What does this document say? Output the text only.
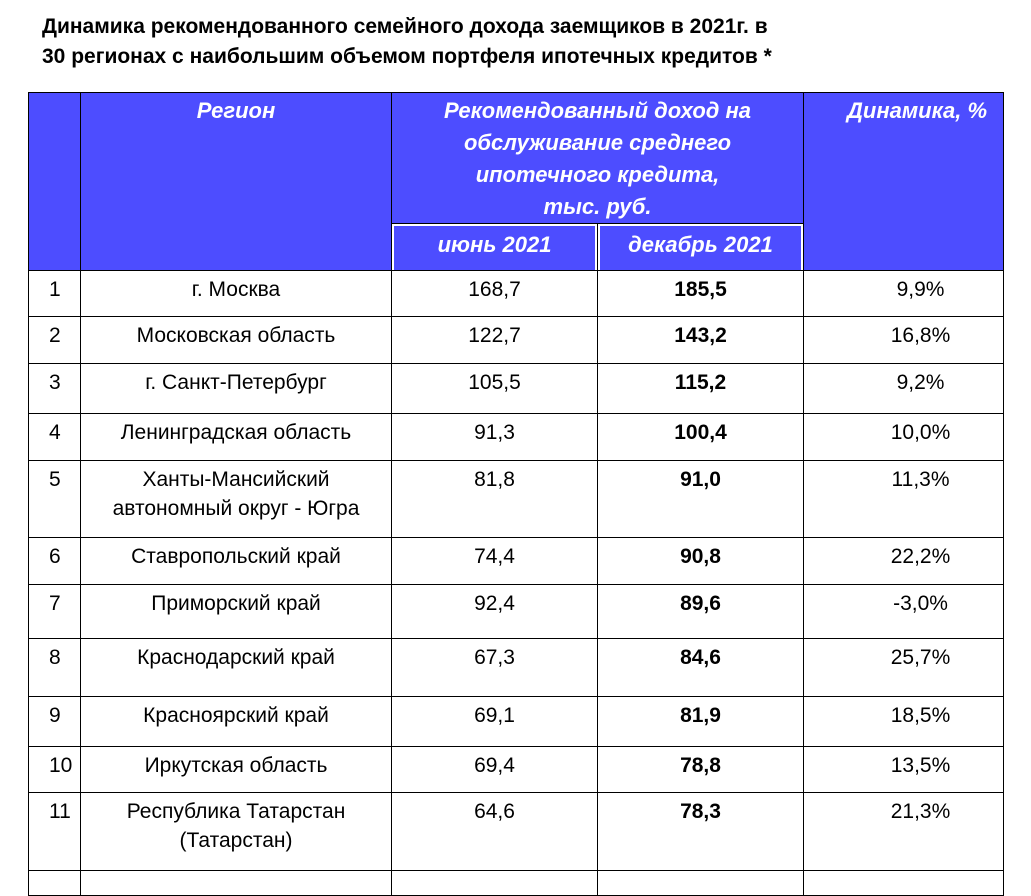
Динамика рекомендованного семейного дохода заемщиков в 2021г. в
30 регионах с наибольшим объемом портфеля ипотечных кредитов *

	Регион	Рекомендованный доход на
обслуживание среднего
ипотечного кредита,
тыс. руб.		Динамика, %

		июнь 2021	декабрь 2021	

1	г. Москва	168,7	185,5	9,9%
2	Московская область	122,7	143,2	16,8%
3	г. Санкт-Петербург	105,5	115,2	9,2%
4	Ленинградская область	91,3	100,4	10,0%
5	Ханты-Мансийский автономный округ - Югра	81,8	91,0	11,3%
6	Ставропольский край	74,4	90,8	22,2%
7	Приморский край	92,4	89,6	-3,0%
8	Краснодарский край	67,3	84,6	25,7%
9	Красноярский край	69,1	81,9	18,5%
10	Иркутская область	69,4	78,8	13,5%
11	Республика Татарстан (Татарстан)	64,6	78,3	21,3%
